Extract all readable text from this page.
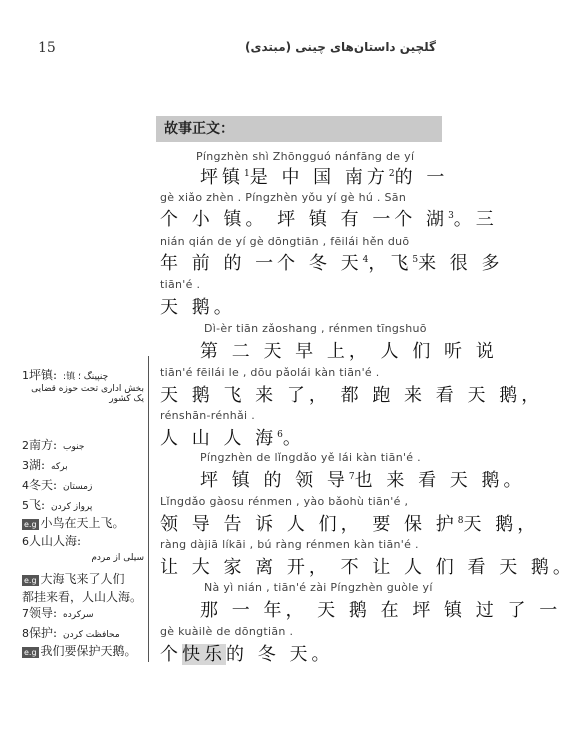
15	گلچین داستان‌های چینی (مبتدی)
故事正文：
Píngzhèn shì Zhōngguó nánfāng de yí
坪镇$^1$是 中 国 南方$^2$的 一
gè xiǎo zhèn . Píngzhèn yǒu yí gè hú . Sān
个 小 镇。 坪 镇 有 一个 湖$^3$。三
nián qián de yí gè dōngtiān , fēilái hěn duō
年 前 的 一个 冬 天$^4$，飞$^5$来 很 多
tiān'é .
天 鹅。
Dì-èr tiān zǎoshang , rénmen tīngshuō
第 二 天 早 上， 人 们 听 说
tiān'é fēilái le , dōu pǎolái kàn tiān'é .
天 鹅 飞 来 了， 都 跑 来 看 天 鹅，
rénshān-rénhǎi .
人 山 人 海$^6$。
Píngzhèn de lǐngdǎo yě lái kàn tiān'é .
坪 镇 的 领 导$^7$也 来 看 天 鹅。
Lǐngdǎo gàosu rénmen , yào bǎohù tiān'é ,
领 导 告 诉 人 们， 要 保 护$^8$天 鹅，
ràng dàjiā líkāi , bú ràng rénmen kàn tiān'é .
让 大 家 离 开， 不 让 人 们 看 天 鹅。
Nà yì nián , tiān'é zài Píngzhèn guòle yí
那 一 年， 天 鹅 在 坪 镇 过 了 一
gè kuàilè de dōngtiān .
个快乐的 冬 天。
1坪镇: چنپینگ ؛ 镇:
بخش اداری تحت حوزه قضایی یک کشور
2南方: جنوب
3湖: برکه
4冬天: زمستان
5飞: پرواز کردن
e.g 小鸟在天上飞。
6人山人海:
سیلی از مردم
e.g 大海飞来了人们
都挂来看，人山人海。
7领导: سرکرده
8保护: محافظت کردن
e.g 我们要保护天鹅。
